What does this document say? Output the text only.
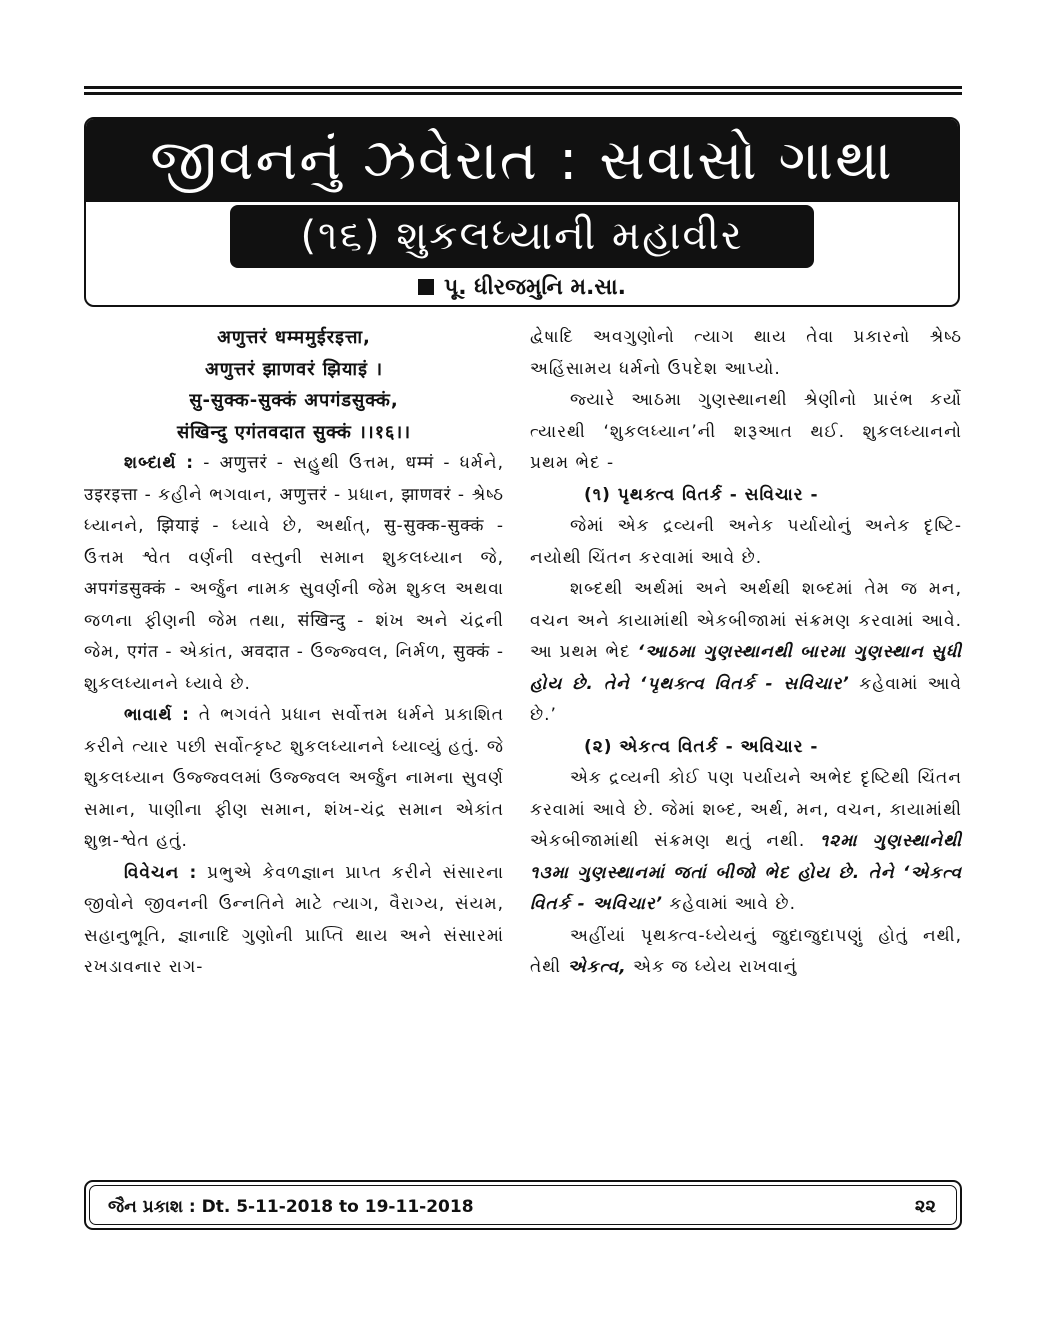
જીવનનું ઝવેરાત : સવાસો ગાથા
(૧૬) શુકલધ્યાની મહાવીર
પૂ. ધીરજમુનિ મ.સા.

अणुत्तरं धम्ममुईरइत्ता,

अणुत्तरं झाणवरं झियाइं ।

सु-सुक्क-सुक्कं अपगंडसुक्कं,

संखिन्दु एगंतवदात सुक्कं ।।१६।।

શબ્દાર્થ : - अणुत्तरं - સહુથી ઉત્તમ, धम्मं - ધર્મને, उइरइत्ता - કહીને ભગવાન, अणुत्तरं - પ્રધાન, झाणवरं - શ્રેષ્ઠ ધ્યાનને, झियाइं - ધ્યાવે છે, અર્થાત્, सु-सुक्क-सुक्कं - ઉત્તમ શ્વેત વર્ણની વસ્તુની સમાન શુકલધ્યાન જે, अपगंडसुक्कं - અર્જુન નામક સુવર્ણની જેમ શુકલ અથવા જળના ફીણની જેમ તથા, संखिन्दु - શંખ અને ચંદ્રની જેમ, एगंत - એકાંત, अवदात - ઉજ્જ્વલ, નિર્મળ, सुक्कं - શુકલધ્યાનને ધ્યાવે છે.

ભાવાર્થ : તે ભગવંતે પ્રધાન સર્વોત્તમ ધર્મને પ્રકાશિત કરીને ત્યાર પછી સર્વોત્કૃષ્ટ શુકલધ્યાનને ધ્યાવ્યું હતું. જે શુકલધ્યાન ઉજ્જ્વલમાં ઉજ્જ્વલ અર્જુન નામના સુવર્ણ સમાન, પાણીના ફીણ સમાન, શંખ-ચંદ્ર સમાન એકાંત શુભ્ર-શ્વેત હતું.

વિવેચન : પ્રભુએ કેવળજ્ઞાન પ્રાપ્ત કરીને સંસારના જીવોને જીવનની ઉન્નતિને માટે ત્યાગ, વૈરાગ્ય, સંયમ, સહાનુભૂતિ, જ્ઞાનાદિ ગુણોની પ્રાપ્તિ થાય અને સંસારમાં રખડાવનાર રાગ-

દ્વેષાદિ અવગુણોનો ત્યાગ થાય તેવા પ્રકારનો શ્રેષ્ઠ અહિંસામય ધર્મનો ઉપદેશ આપ્યો.

જ્યારે આઠમા ગુણસ્થાનથી શ્રેણીનો પ્રારંભ કર્યો ત્યારથી ‘શુકલધ્યાન’ની શરૂઆત થઈ. શુકલધ્યાનનો પ્રથમ ભેદ -

(૧) પૃથક્ત્વ વિતર્ક - સવિચાર -

જેમાં એક દ્રવ્યની અનેક પર્યાયોનું અનેક દૃષ્ટિ-નયોથી ચિંતન કરવામાં આવે છે.

શબ્દથી અર્થમાં અને અર્થથી શબ્દમાં તેમ જ મન, વચન અને કાયામાંથી એકબીજામાં સંક્રમણ કરવામાં આવે. આ પ્રથમ ભેદ ‘આઠમા ગુણસ્થાનથી બારમા ગુણસ્થાન સુધી હોય છે. તેને ‘પૃથક્ત્વ વિતર્ક - સવિચાર’ કહેવામાં આવે છે.’

(૨) એકત્વ વિતર્ક - અવિચાર -

એક દ્રવ્યની કોઈ પણ પર્યાયને અભેદ દૃષ્ટિથી ચિંતન કરવામાં આવે છે. જેમાં શબ્દ, અર્થ, મન, વચન, કાયામાંથી એકબીજામાંથી સંક્રમણ થતું નથી. ૧૨મા ગુણસ્થાનેથી ૧૩મા ગુણસ્થાનમાં જતાં બીજો ભેદ હોય છે. તેને ‘એકત્વ વિતર્ક - અવિચાર’ કહેવામાં આવે છે.

અહીંયાં પૃથક્ત્વ-ધ્યેયનું જુદાજુદાપણું હોતું નથી, તેથી એકત્વ, એક જ ધ્યેય રાખવાનું

જૈન પ્રકાશ : Dt. 5-11-2018 to 19-11-2018	૨૨
